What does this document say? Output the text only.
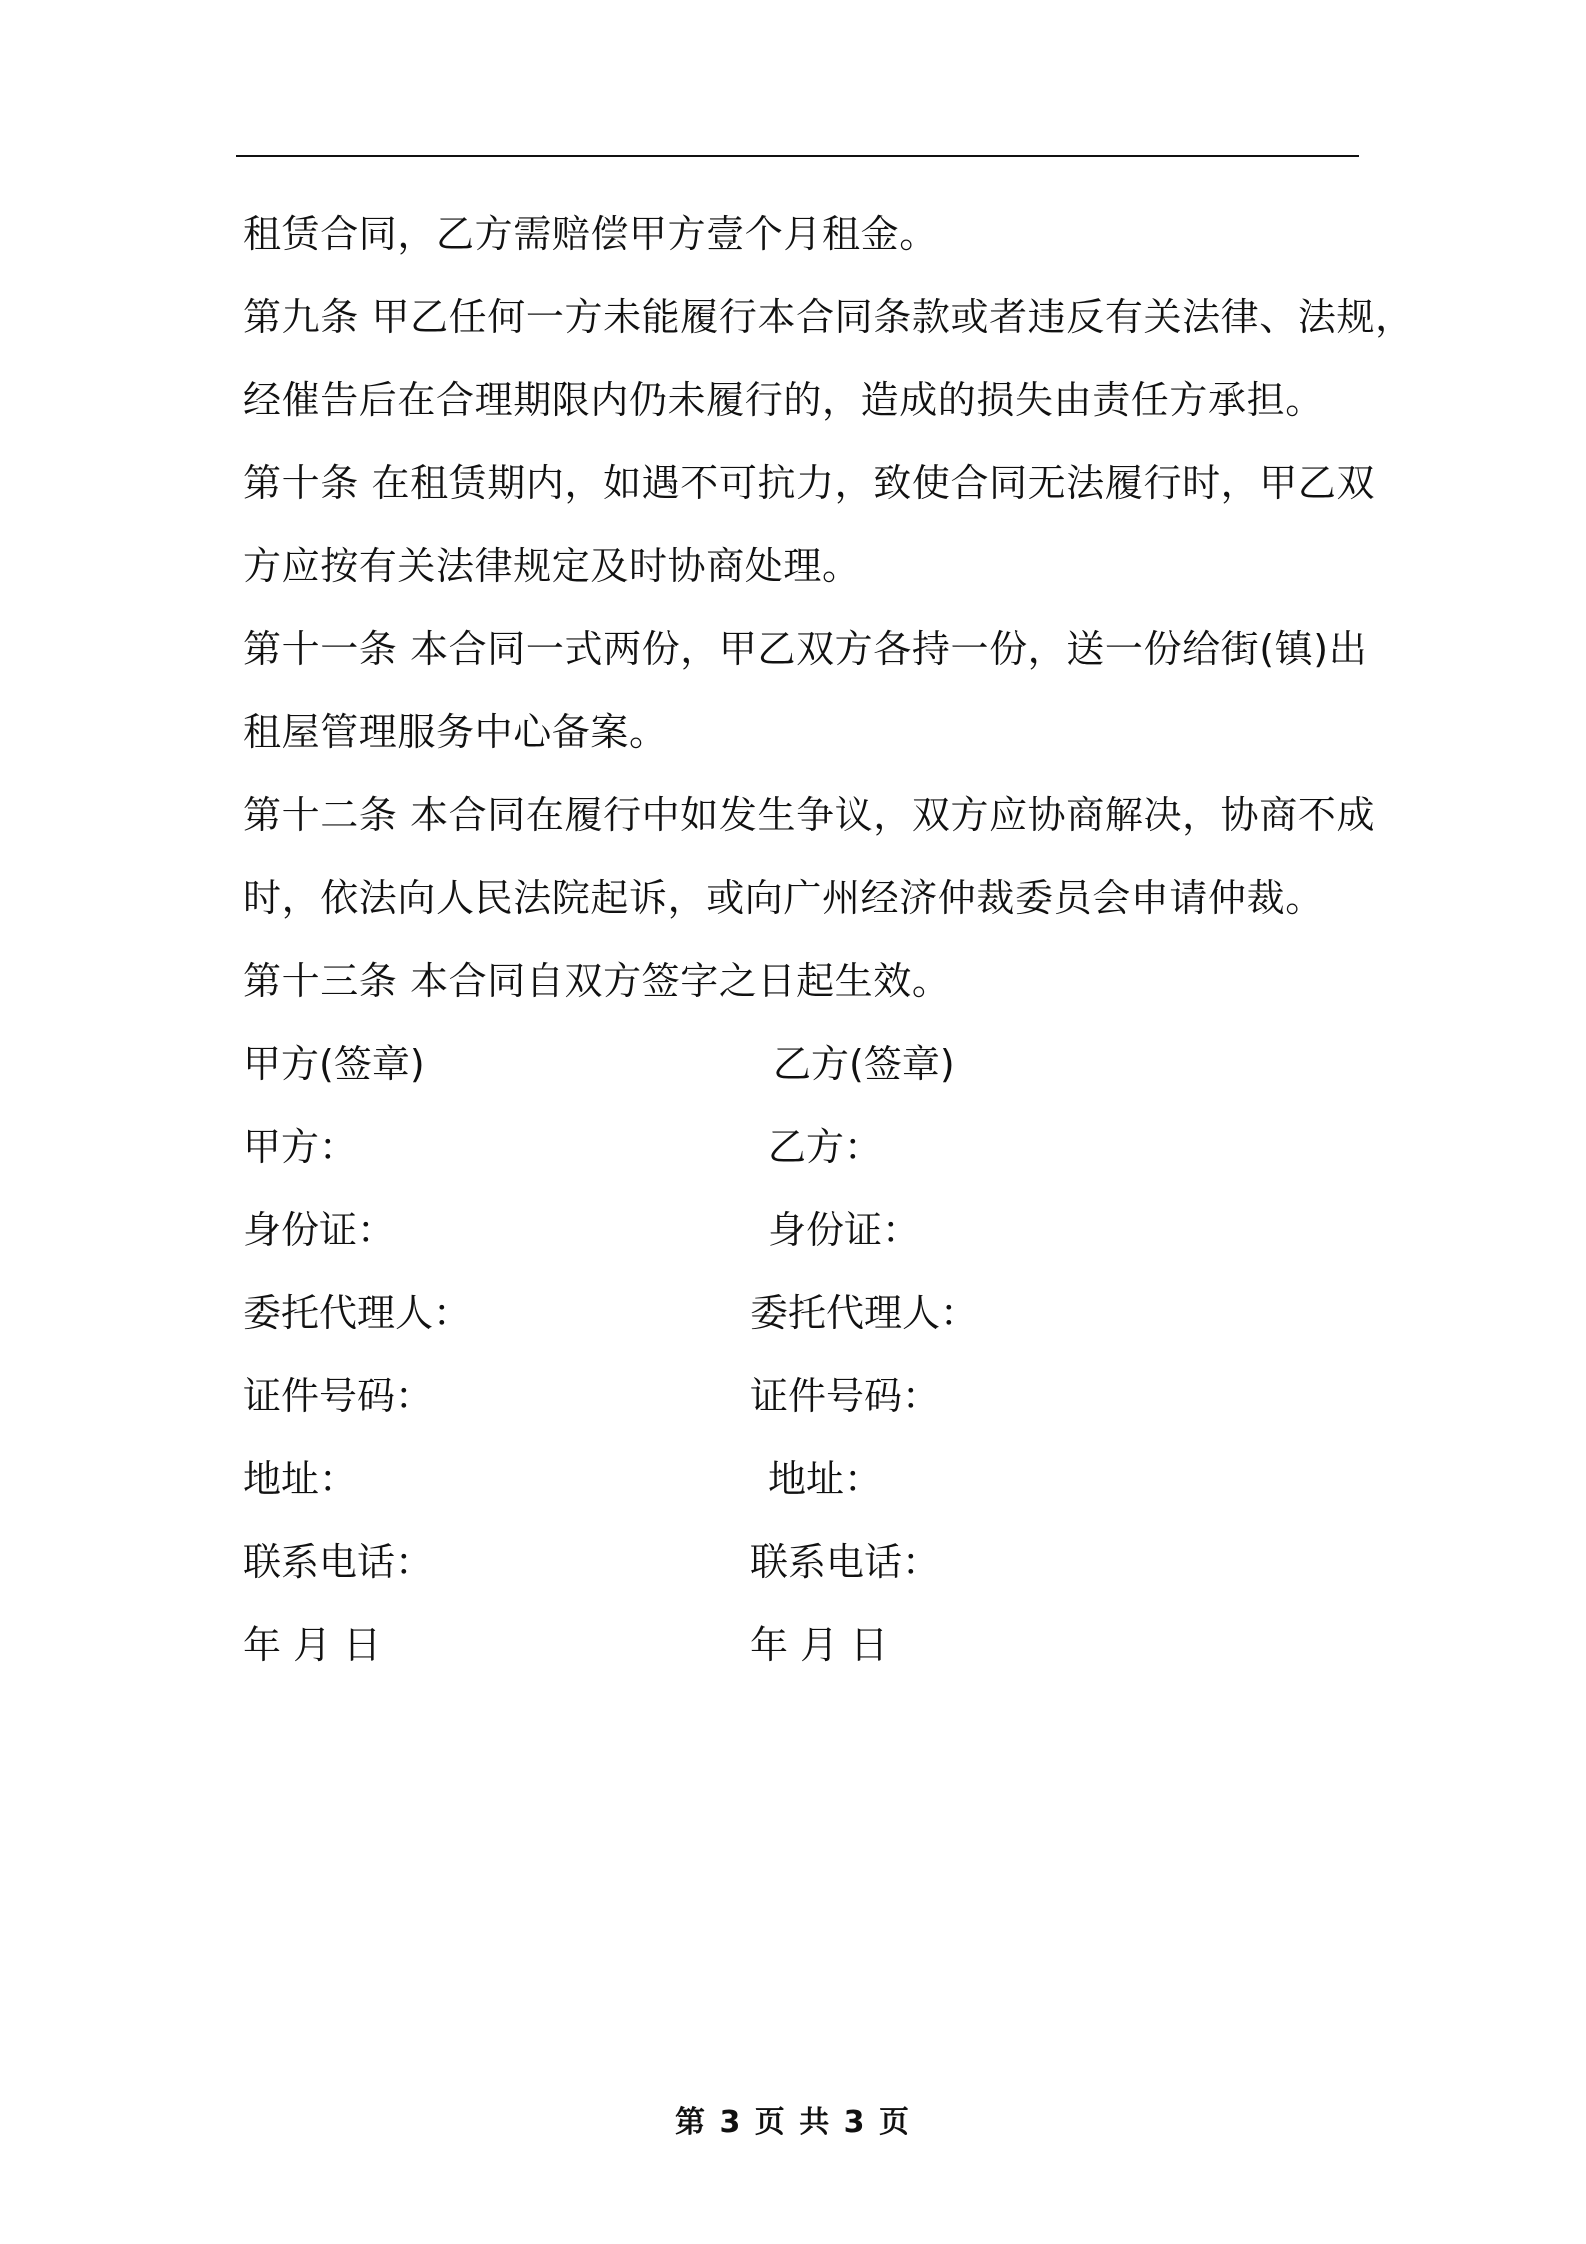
租赁合同，乙方需赔偿甲方壹个月租金。
第九条 甲乙任何一方未能履行本合同条款或者违反有关法律、法规，
经催告后在合理期限内仍未履行的，造成的损失由责任方承担。
第十条 在租赁期内，如遇不可抗力，致使合同无法履行时，甲乙双
方应按有关法律规定及时协商处理。
第十一条 本合同一式两份，甲乙双方各持一份，送一份给街(镇)出
租屋管理服务中心备案。
第十二条 本合同在履行中如发生争议，双方应协商解决，协商不成
时，依法向人民法院起诉，或向广州经济仲裁委员会申请仲裁。
第十三条 本合同自双方签字之日起生效。
甲方(签章)	乙方(签章)
甲方：	乙方：
身份证：	身份证：
委托代理人：	委托代理人：
证件号码：	证件号码：
地址：	地址：
联系电话：	联系电话：
年 月 日	年 月 日
第 3 页 共 3 页
